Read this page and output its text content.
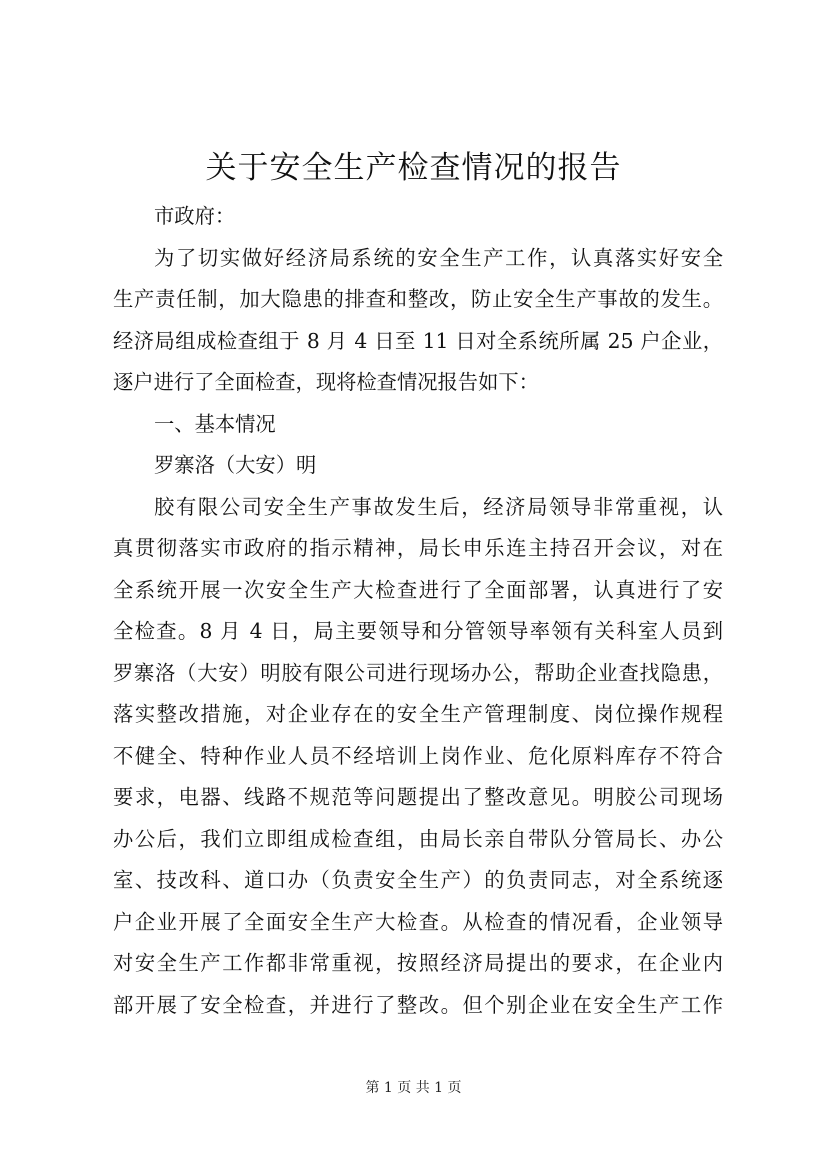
关于安全生产检查情况的报告
市政府：
为了切实做好经济局系统的安全生产工作，认真落实好安全
生产责任制，加大隐患的排查和整改，防止安全生产事故的发生。
经济局组成检查组于 8 月 4 日至 11 日对全系统所属 25 户企业，
逐户进行了全面检查，现将检查情况报告如下：
一、基本情况
罗寨洛（大安）明
胶有限公司安全生产事故发生后，经济局领导非常重视，认
真贯彻落实市政府的指示精神，局长申乐连主持召开会议，对在
全系统开展一次安全生产大检查进行了全面部署，认真进行了安
全检查。8 月 4 日，局主要领导和分管领导率领有关科室人员到
罗寨洛（大安）明胶有限公司进行现场办公，帮助企业查找隐患，
落实整改措施，对企业存在的安全生产管理制度、岗位操作规程
不健全、特种作业人员不经培训上岗作业、危化原料库存不符合
要求，电器、线路不规范等问题提出了整改意见。明胶公司现场
办公后，我们立即组成检查组，由局长亲自带队分管局长、办公
室、技改科、道口办（负责安全生产）的负责同志，对全系统逐
户企业开展了全面安全生产大检查。从检查的情况看，企业领导
对安全生产工作都非常重视，按照经济局提出的要求，在企业内
部开展了安全检查，并进行了整改。但个别企业在安全生产工作
第 1 页 共 1 页
